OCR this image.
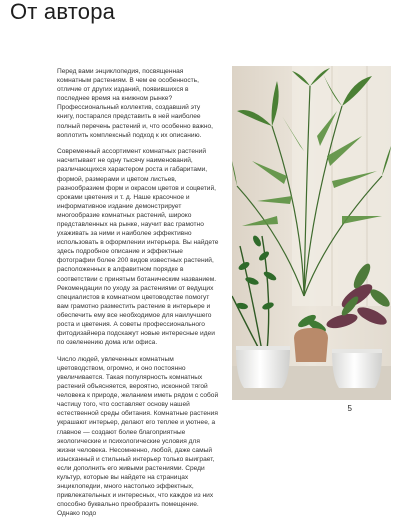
От автора

Перед вами энциклопедия, посвященная комнатным растениям. В чем ее особенность, отличие от других изданий, появившихся в последнее время на книжном рынке? Профессиональный коллектив, создавший эту книгу, постарался представить в ней наиболее полный перечень растений и, что особенно важно, воплотить комплексный подход к их описанию.

Современный ассортимент комнатных растений насчитывает не одну тысячу наименований, различающихся характером роста и габаритами, формой, размерами и цветом листьев, разнообразием форм и окрасом цветов и соцветий, сроками цветения и т. д. Наше красочное и информативное издание демонстрирует многообразие комнатных растений, широко представленных на рынке, научит вас грамотно ухаживать за ними и наиболее эффективно использовать в оформлении интерьера. Вы найдете здесь подробное описание и эффектные фотографии более 200 видов известных растений, расположенных в алфавитном порядке в соответствии с принятым ботаническим названием. Рекомендации по уходу за растениями от ведущих специалистов в комнатном цветоводстве помогут вам грамотно разместить растение в интерьере и обеспечить ему все необходимое для наилучшего роста и цветения. А советы профессионального фитодизайнера подскажут новые интересные идеи по озеленению дома или офиса.

Число людей, увлеченных комнатным цветоводством, огромно, и оно постоянно увеличивается. Такая популярность комнатных растений объясняется, вероятно, исконной тягой человека к природе, желанием иметь рядом с собой частицу того, что составляет основу нашей естественной среды обитания. Комнатные растения украшают интерьер, делают его теплее и уютнее, а главное — создают более благоприятные экологические и психологические условия для жизни человека. Несомненно, любой, даже самый изысканный и стильный интерьер только выиграет, если дополнить его живыми растениями. Среди культур, которые вы найдете на страницах энциклопедии, много настолько эффектных, привлекательных и интересных, что каждое из них способно буквально преобразить помещение. Однако подо

5
